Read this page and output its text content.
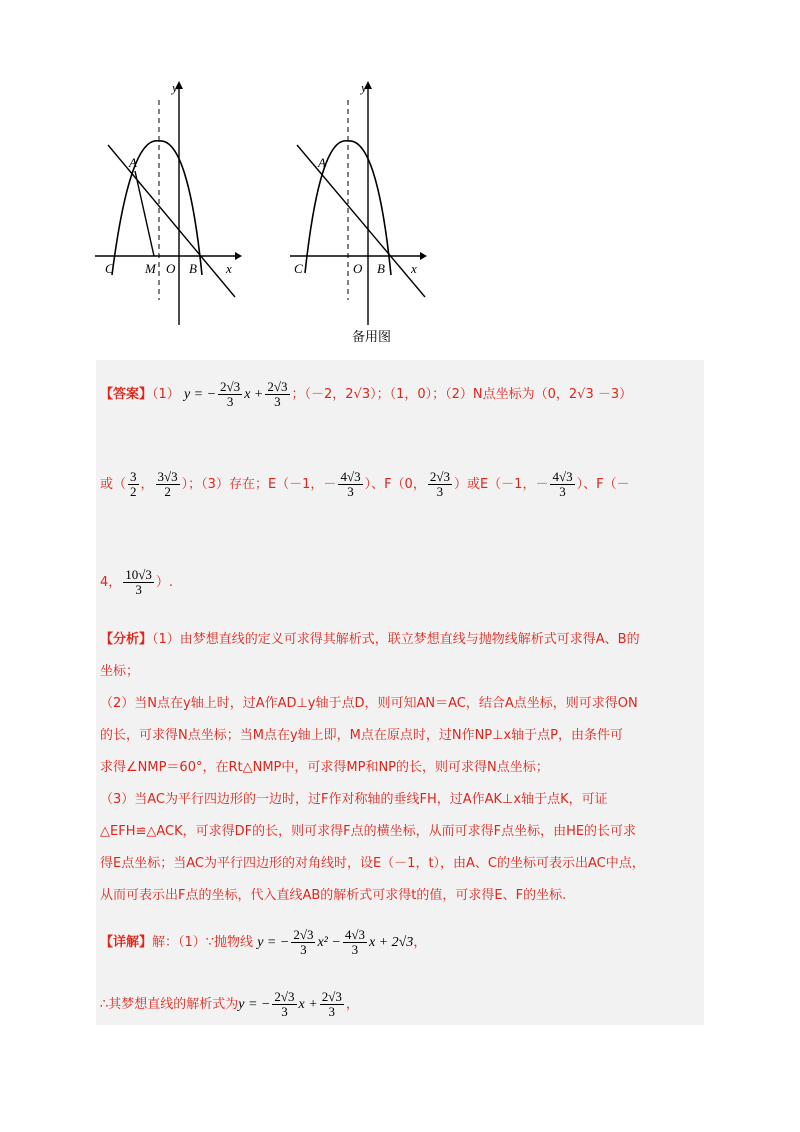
y
x
A
C M O B
y
x
A
C	O B
备用图
【答案】（1） y = − $\frac{2√3}{3}$ $x + \frac{2√3}{3}$ ；（－2，2√3）；（1，0）；（2）N点坐标为（0，2√3 －3）
或（ $\frac{3}{2}$ ， $\frac{3√3}{2}$ ）；（3）存在；E（－1，－ $\frac{4√3}{3}$ ）、F（0， $\frac{2√3}{3}$ ）或E（－1，－ $\frac{4√3}{3}$ ）、F（－
4， $\frac{10√3}{3}$ ）.
【分析】（1）由梦想直线的定义可求得其解析式，联立梦想直线与抛物线解析式可求得A、B的
坐标；
（2）当N点在y轴上时，过A作AD⊥y轴于点D，则可知AN＝AC，结合A点坐标，则可求得ON
的长，可求得N点坐标；当M点在y轴上即，M点在原点时，过N作NP⊥x轴于点P，由条件可
求得∠NMP＝60°，在Rt△NMP中，可求得MP和NP的长，则可求得N点坐标；
（3）当AC为平行四边形的一边时，过F作对称轴的垂线FH，过A作AK⊥x轴于点K，可证
△EFH≌△ACK，可求得DF的长，则可求得F点的横坐标，从而可求得F点坐标，由HE的长可求
得E点坐标；当AC为平行四边形的对角线时，设E（－1，t），由A、C的坐标可表示出AC中点，
从而可表示出F点的坐标，代入直线AB的解析式可求得t的值，可求得E、F的坐标.
【详解】解：（1）∵抛物线 y = − $\frac{2√3}{3} x^2 - \frac{4√3}{3}$ x + 2√3，
∴其梦想直线的解析式为y = − $\frac{2√3}{3}$ $x + \frac{2√3}{3}$ ，
